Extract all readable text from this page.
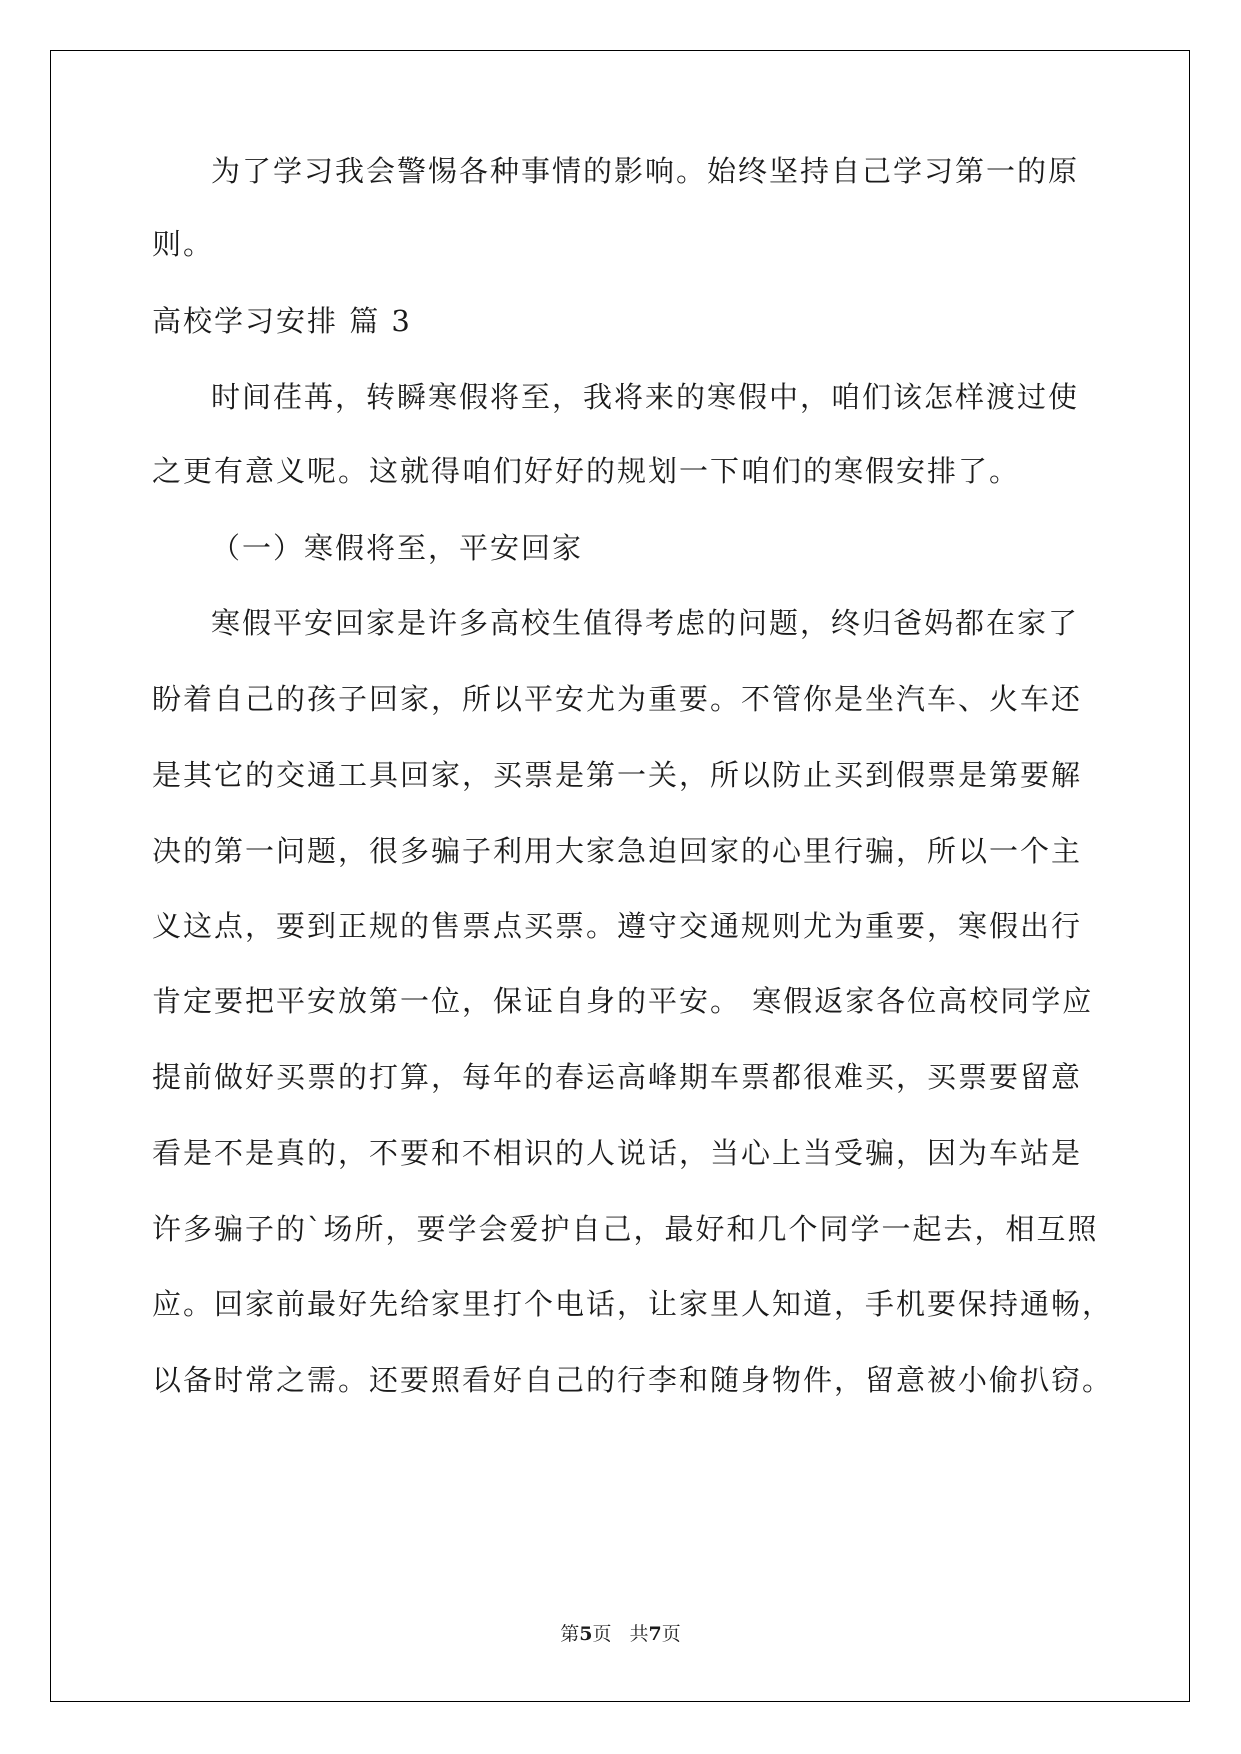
为了学习我会警惕各种事情的影响。始终坚持自己学习第一的原
则。
高校学习安排 篇 3
时间荏苒，转瞬寒假将至，我将来的寒假中，咱们该怎样渡过使
之更有意义呢。这就得咱们好好的规划一下咱们的寒假安排了。
（一）寒假将至，平安回家
寒假平安回家是许多高校生值得考虑的问题，终归爸妈都在家了
盼着自己的孩子回家，所以平安尤为重要。不管你是坐汽车、火车还
是其它的交通工具回家，买票是第一关，所以防止买到假票是第要解
决的第一问题，很多骗子利用大家急迫回家的心里行骗，所以一个主
义这点，要到正规的售票点买票。遵守交通规则尤为重要，寒假出行
肯定要把平安放第一位，保证自身的平安。 寒假返家各位高校同学应
提前做好买票的打算，每年的春运高峰期车票都很难买，买票要留意
看是不是真的，不要和不相识的人说话，当心上当受骗，因为车站是
许多骗子的`场所，要学会爱护自己，最好和几个同学一起去，相互照
应。回家前最好先给家里打个电话，让家里人知道，手机要保持通畅，
以备时常之需。还要照看好自己的行李和随身物件，留意被小偷扒窃。
第5页 共7页
